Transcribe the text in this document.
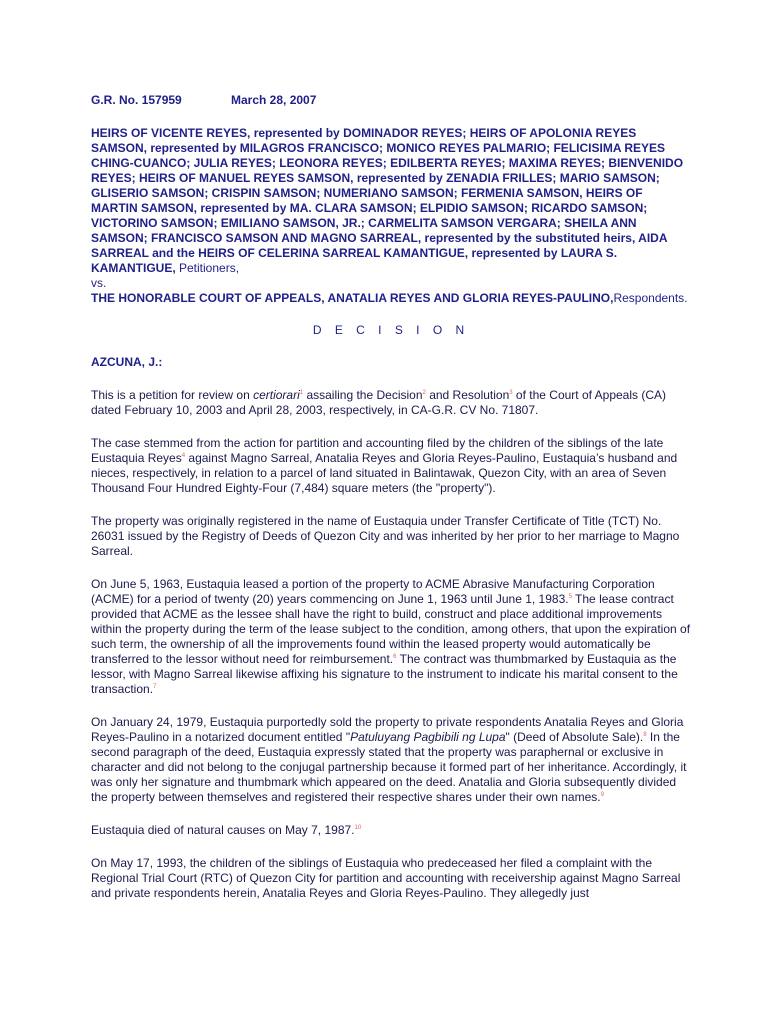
G.R. No. 157959	March 28, 2007
HEIRS OF VICENTE REYES, represented by DOMINADOR REYES; HEIRS OF APOLONIA REYES SAMSON, represented by MILAGROS FRANCISCO; MONICO REYES PALMARIO; FELICISIMA REYES CHING-CUANCO; JULIA REYES; LEONORA REYES; EDILBERTA REYES; MAXIMA REYES; BIENVENIDO REYES; HEIRS OF MANUEL REYES SAMSON, represented by ZENADIA FRILLES; MARIO SAMSON; GLISERIO SAMSON; CRISPIN SAMSON; NUMERIANO SAMSON; FERMENIA SAMSON, HEIRS OF MARTIN SAMSON, represented by MA. CLARA SAMSON; ELPIDIO SAMSON; RICARDO SAMSON; VICTORINO SAMSON; EMILIANO SAMSON, JR.; CARMELITA SAMSON VERGARA; SHEILA ANN SAMSON; FRANCISCO SAMSON AND MAGNO SARREAL, represented by the substituted heirs, AIDA SARREAL and the HEIRS OF CELERINA SARREAL KAMANTIGUE, represented by LAURA S. KAMANTIGUE, Petitioners,
vs.
THE HONORABLE COURT OF APPEALS, ANATALIA REYES AND GLORIA REYES-PAULINO,Respondents.
D E C I S I O N
AZCUNA, J.:

This is a petition for review on certiorari$^1$ assailing the Decision$^2$ and Resolution$^3$ of the Court of Appeals (CA) dated February 10, 2003 and April 28, 2003, respectively, in CA-G.R. CV No. 71807.

The case stemmed from the action for partition and accounting filed by the children of the siblings of the late Eustaquia Reyes$^4$ against Magno Sarreal, Anatalia Reyes and Gloria Reyes-Paulino, Eustaquia’s husband and nieces, respectively, in relation to a parcel of land situated in Balintawak, Quezon City, with an area of Seven Thousand Four Hundred Eighty-Four (7,484) square meters (the "property").

The property was originally registered in the name of Eustaquia under Transfer Certificate of Title (TCT) No. 26031 issued by the Registry of Deeds of Quezon City and was inherited by her prior to her marriage to Magno Sarreal.

On June 5, 1963, Eustaquia leased a portion of the property to ACME Abrasive Manufacturing Corporation (ACME) for a period of twenty (20) years commencing on June 1, 1963 until June 1, 1983.$^5$ The lease contract provided that ACME as the lessee shall have the right to build, construct and place additional improvements within the property during the term of the lease subject to the condition, among others, that upon the expiration of such term, the ownership of all the improvements found within the leased property would automatically be transferred to the lessor without need for reimbursement.$^6$ The contract was thumbmarked by Eustaquia as the lessor, with Magno Sarreal likewise affixing his signature to the instrument to indicate his marital consent to the transaction.$^7$

On January 24, 1979, Eustaquia purportedly sold the property to private respondents Anatalia Reyes and Gloria Reyes-Paulino in a notarized document entitled "Patuluyang Pagbibili ng Lupa" (Deed of Absolute Sale).$^8$ In the second paragraph of the deed, Eustaquia expressly stated that the property was paraphernal or exclusive in character and did not belong to the conjugal partnership because it formed part of her inheritance. Accordingly, it was only her signature and thumbmark which appeared on the deed. Anatalia and Gloria subsequently divided the property between themselves and registered their respective shares under their own names.$^9$

Eustaquia died of natural causes on May 7, 1987.10

On May 17, 1993, the children of the siblings of Eustaquia who predeceased her filed a complaint with the Regional Trial Court (RTC) of Quezon City for partition and accounting with receivership against Magno Sarreal and private respondents herein, Anatalia Reyes and Gloria Reyes-Paulino. They allegedly just
